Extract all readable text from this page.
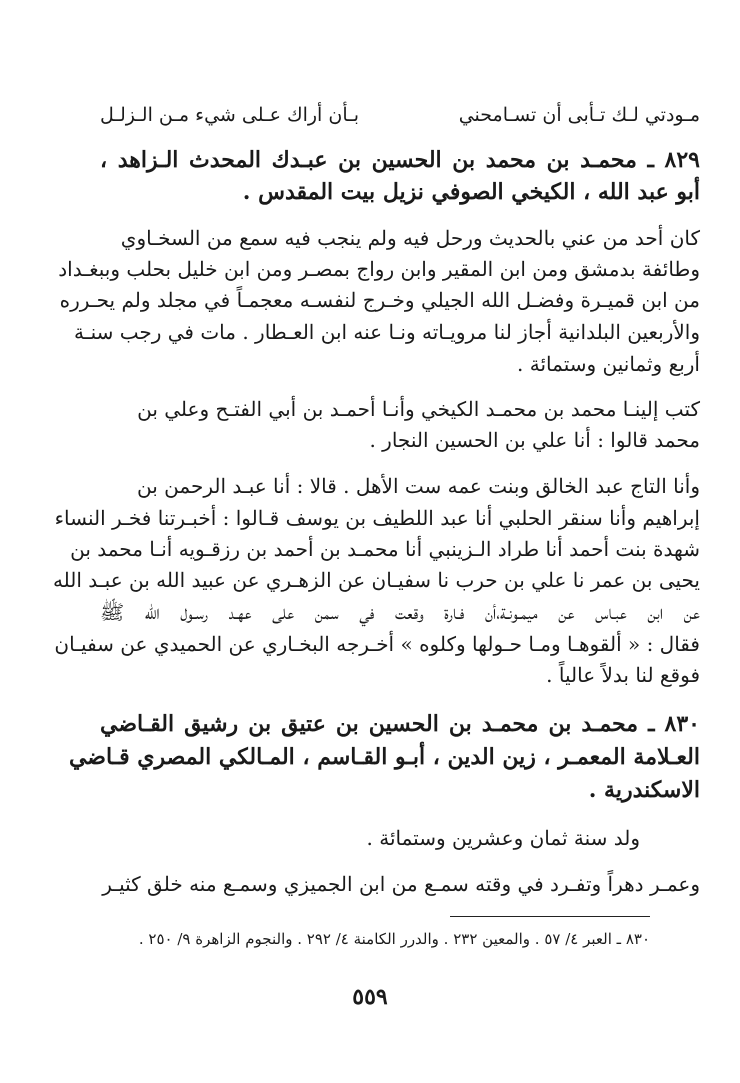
مـودتي لـك تـأبى أن تسـامحني
بـأن أراك عـلى شيء مـن الـزلـل
٨٢٩ ـ محمـد بن محمد بن الحسين بن عبـدك المحدث الـزاهد ،
أبو عبد الله ، الكيخي الصوفي نزيل بيت المقدس .
كان أحد من عني بالحديث ورحل فيه ولم ينجب فيه سمع من السخـاوي
وطائفة بدمشق ومن ابن المقير وابن رواج بمصـر ومن ابن خليل بحلب وببغـداد
من ابن قميـرة وفضـل الله الجيلي وخـرج لنفسـه معجمـاً في مجلد ولم يحـرره
والأربعين البلدانية أجاز لنا مرويـاته ونـا عنه ابن العـطار . مات في رجب سنـة
أربع وثمانين وستمائة .
كتب إلينـا محمد بن محمـد الكيخي وأنـا أحمـد بن أبي الفتـح وعلي بن
محمد قالوا : أنا علي بن الحسين النجار .
وأنا التاج عبد الخالق وبنت عمه ست الأهل . قالا : أنا عبـد الرحمن بن
إبراهيم وأنا سنقر الحلبي أنا عبد اللطيف بن يوسف قـالوا : أخبـرتنا فخـر النساء
شهدة بنت أحمد أنا طراد الـزينبي أنا محمـد بن أحمد بن رزقـويه أنـا محمد بن
يحيى بن عمر نا علي بن حرب نا سفيـان عن الزهـري عن عبيد الله بن عبـد الله
عن ابن عبـاس عن ميمـونـة،أن فـارة وقعت في سمن على عهـد رسـول الله ﷺ
فقال : « ألقوهـا ومـا حـولها وكلوه » أخـرجه البخـاري عن الحميدي عن سفيـان
فوقع لنا بدلاً عالياً .
٨٣٠ ـ محمـد بن محمـد بن الحسين بن عتيق بن رشيق القـاضي
العـلامة المعمـر ، زين الدين ، أبـو القـاسم ، المـالكي المصري قـاضي
الاسكندرية .
ولد سنة ثمان وعشرين وستمائة .
وعمـر دهراً وتفـرد في وقته سمـع من ابن الجميزي وسمـع منه خلق كثيـر
٨٣٠ ـ العبر ٤/ ٥٧ . والمعين ٢٣٢ . والدرر الكامنة ٤/ ٢٩٢ . والنجوم الزاهرة ٩/ ٢٥٠ .
٥٥٩
